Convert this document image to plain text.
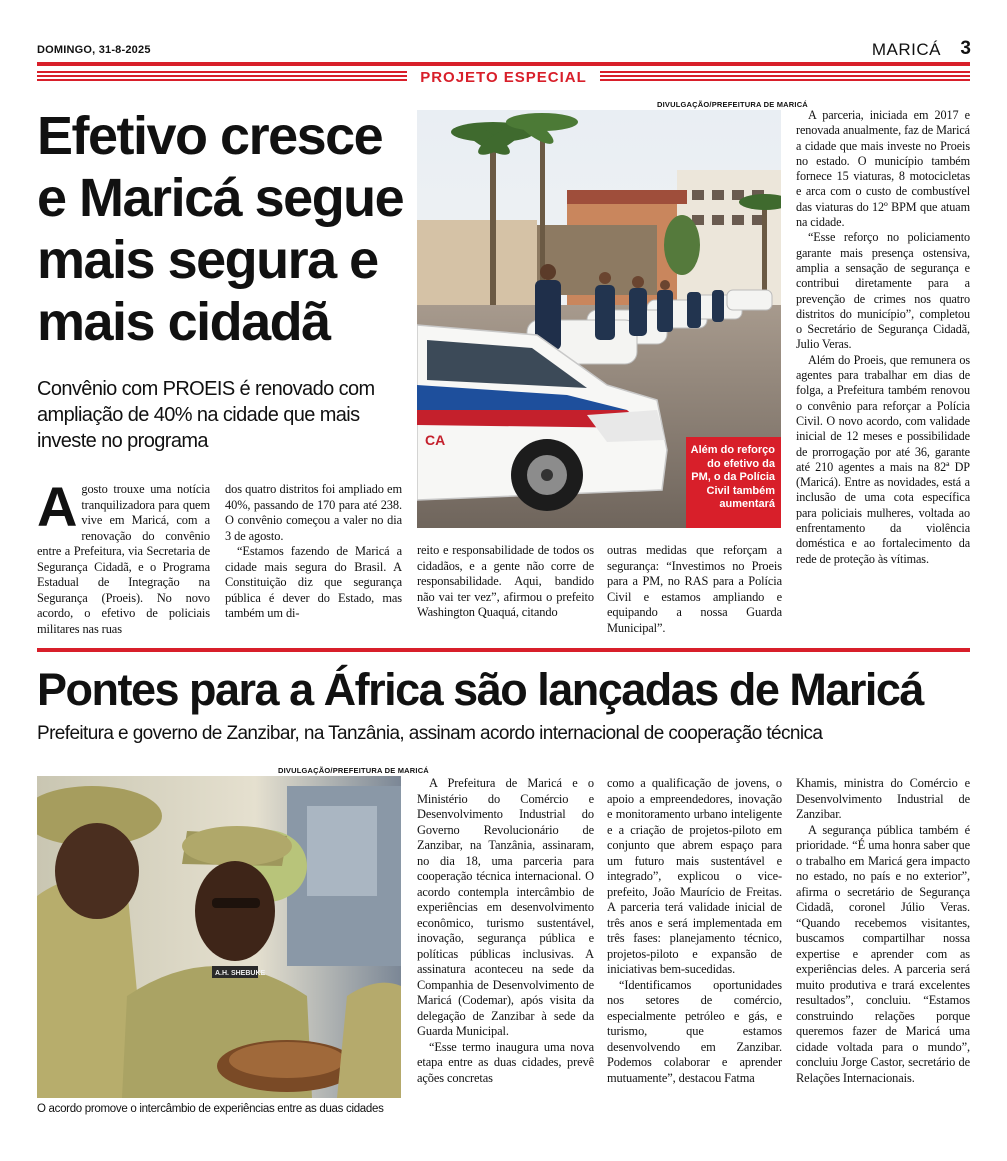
DOMINGO, 31-8-2025	MARICÁ 3
PROJETO ESPECIAL
Efetivo cresce e Maricá segue mais segura e mais cidadã
Convênio com PROEIS é renovado com ampliação de 40% na cidade que mais investe no programa

Agosto trouxe uma notícia tranquilizadora para quem vive em Maricá, com a renovação do convênio entre a Prefeitura, via Secretaria de Segurança Cidadã, e o Programa Estadual de Integração na Segurança (Proeis). No novo acordo, o efetivo de policiais militares nas ruas

dos quatro distritos foi ampliado em 40%, passando de 170 para até 238. O convênio começou a valer no dia 3 de agosto.

“Estamos fazendo de Maricá a cidade mais segura do Brasil. A Constituição diz que segurança pública é dever do Estado, mas também um di-

reito e responsabilidade de todos os cidadãos, e a gente não corre de responsabilidade. Aqui, bandido não vai ter vez”, afirmou o prefeito Washington Quaquá, citando

outras medidas que reforçam a segurança: “Investimos no Proeis para a PM, no RAS para a Polícia Civil e estamos ampliando e equipando a nossa Guarda Municipal”.

A parceria, iniciada em 2017 e renovada anualmente, faz de Maricá a cidade que mais investe no Proeis no estado. O município também fornece 15 viaturas, 8 motocicletas e arca com o custo de combustível das viaturas do 12º BPM que atuam na cidade.

“Esse reforço no policiamento garante mais presença ostensiva, amplia a sensação de segurança e contribui diretamente para a prevenção de crimes nos quatro distritos do município”, completou o Secretário de Segurança Cidadã, Julio Veras.

Além do Proeis, que remunera os agentes para trabalhar em dias de folga, a Prefeitura também renovou o convênio para reforçar a Polícia Civil. O novo acordo, com validade inicial de 12 meses e possibilidade de prorrogação por até 36, garante até 210 agentes a mais na 82ª DP (Maricá). Entre as novidades, está a inclusão de uma cota específica para policiais mulheres, voltada ao enfrentamento da violência doméstica e ao fortalecimento da rede de proteção às vítimas.

DIVULGAÇÃO/PREFEITURA DE MARICÁ
CA
Além do reforço do efetivo da PM, o da Polícia Civil também aumentará
Pontes para a África são lançadas de Maricá
Prefeitura e governo de Zanzibar, na Tanzânia, assinam acordo internacional de cooperação técnica
DIVULGAÇÃO/PREFEITURA DE MARICÁ
A.H. SHEBUKE
O acordo promove o intercâmbio de experiências entre as duas cidades

A Prefeitura de Maricá e o Ministério do Comércio e Desenvolvimento Industrial do Governo Revolucionário de Zanzibar, na Tanzânia, assinaram, no dia 18, uma parceria para cooperação técnica internacional. O acordo contempla intercâmbio de experiências em desenvolvimento econômico, turismo sustentável, inovação, segurança pública e políticas públicas inclusivas. A assinatura aconteceu na sede da Companhia de Desenvolvimento de Maricá (Codemar), após visita da delegação de Zanzibar à sede da Guarda Municipal.

“Esse termo inaugura uma nova etapa entre as duas cidades, prevê ações concretas

como a qualificação de jovens, o apoio a empreendedores, inovação e monitoramento urbano inteligente e a criação de projetos-piloto em conjunto que abrem espaço para um futuro mais sustentável e integrado”, explicou o vice-prefeito, João Maurício de Freitas. A parceria terá validade inicial de três anos e será implementada em três fases: planejamento técnico, projetos-piloto e expansão de iniciativas bem-sucedidas.

“Identificamos oportunidades nos setores de comércio, especialmente petróleo e gás, e turismo, que estamos desenvolvendo em Zanzibar. Podemos colaborar e aprender mutuamente”, destacou Fatma

Khamis, ministra do Comércio e Desenvolvimento Industrial de Zanzibar.

A segurança pública também é prioridade. “É uma honra saber que o trabalho em Maricá gera impacto no estado, no país e no exterior”, afirma o secretário de Segurança Cidadã, coronel Júlio Veras. “Quando recebemos visitantes, buscamos compartilhar nossa expertise e aprender com as experiências deles. A parceria será muito produtiva e trará excelentes resultados”, concluiu. “Estamos construindo relações porque queremos fazer de Maricá uma cidade voltada para o mundo”, concluiu Jorge Castor, secretário de Relações Internacionais.
